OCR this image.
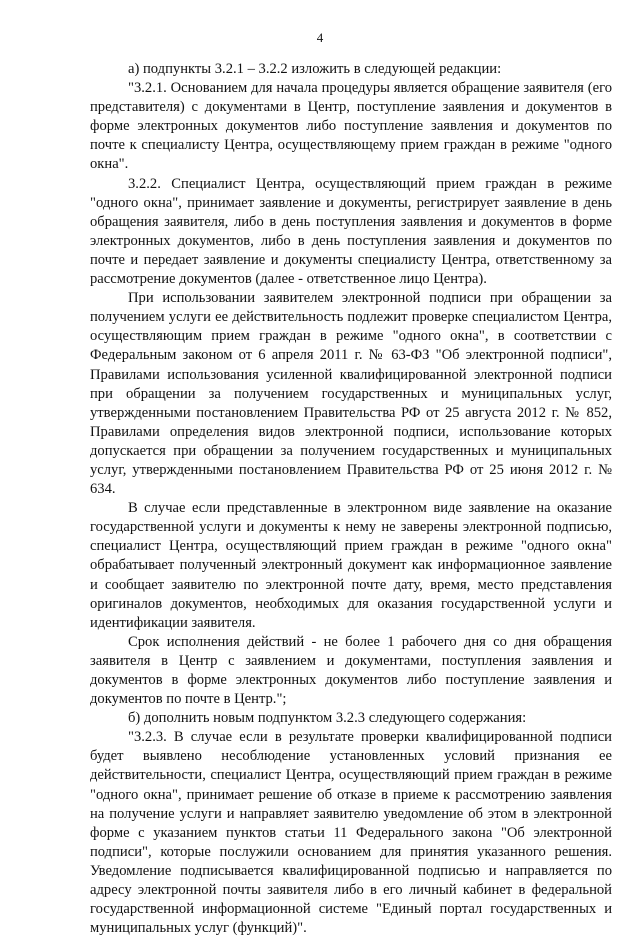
4

а) подпункты 3.2.1 – 3.2.2 изложить в следующей редакции:

"3.2.1. Основанием для начала процедуры является обращение заявителя (его представителя) с документами в Центр, поступление заявления и документов в форме электронных документов либо поступление заявления и документов по почте к специалисту Центра, осуществляющему прием граждан в режиме "одного окна".

3.2.2. Специалист Центра, осуществляющий прием граждан в режиме "одного окна", принимает заявление и документы, регистрирует заявление в день обращения заявителя, либо в день поступления заявления и документов в форме электронных документов, либо в день поступления заявления и документов по почте и передает заявление и документы специалисту Центра, ответственному за рассмотрение документов (далее - ответственное лицо Центра).

При использовании заявителем электронной подписи при обращении за получением услуги ее действительность подлежит проверке специалистом Центра, осуществляющим прием граждан в режиме "одного окна", в соответствии с Федеральным законом от 6 апреля 2011 г. № 63-ФЗ "Об электронной подписи", Правилами использования усиленной квалифицированной электронной подписи при обращении за получением государственных и муниципальных услуг, утвержденными постановлением Правительства РФ от 25 августа 2012 г. № 852, Правилами определения видов электронной подписи, использование которых допускается при обращении за получением государственных и муниципальных услуг, утвержденными постановлением Правительства РФ от 25 июня 2012 г. № 634.

В случае если представленные в электронном виде заявление на оказание государственной услуги и документы к нему не заверены электронной подписью, специалист Центра, осуществляющий прием граждан в режиме "одного окна" обрабатывает полученный электронный документ как информационное заявление и сообщает заявителю по электронной почте дату, время, место представления оригиналов документов, необходимых для оказания государственной услуги и идентификации заявителя.

Срок исполнения действий - не более 1 рабочего дня со дня обращения заявителя в Центр с заявлением и документами, поступления заявления и документов в форме электронных документов либо поступление заявления и документов по почте в Центр.";

б) дополнить новым подпунктом 3.2.3 следующего содержания:

"3.2.3. В случае если в результате проверки квалифицированной подписи будет выявлено несоблюдение установленных условий признания ее действительности, специалист Центра, осуществляющий прием граждан в режиме "одного окна", принимает решение об отказе в приеме к рассмотрению заявления на получение услуги и направляет заявителю уведомление об этом в электронной форме с указанием пунктов статьи 11 Федерального закона "Об электронной подписи", которые послужили основанием для принятия указанного решения. Уведомление подписывается квалифицированной подписью и направляется по адресу электронной почты заявителя либо в его личный кабинет в федеральной государственной информационной системе "Единый портал государственных и муниципальных услуг (функций)".
